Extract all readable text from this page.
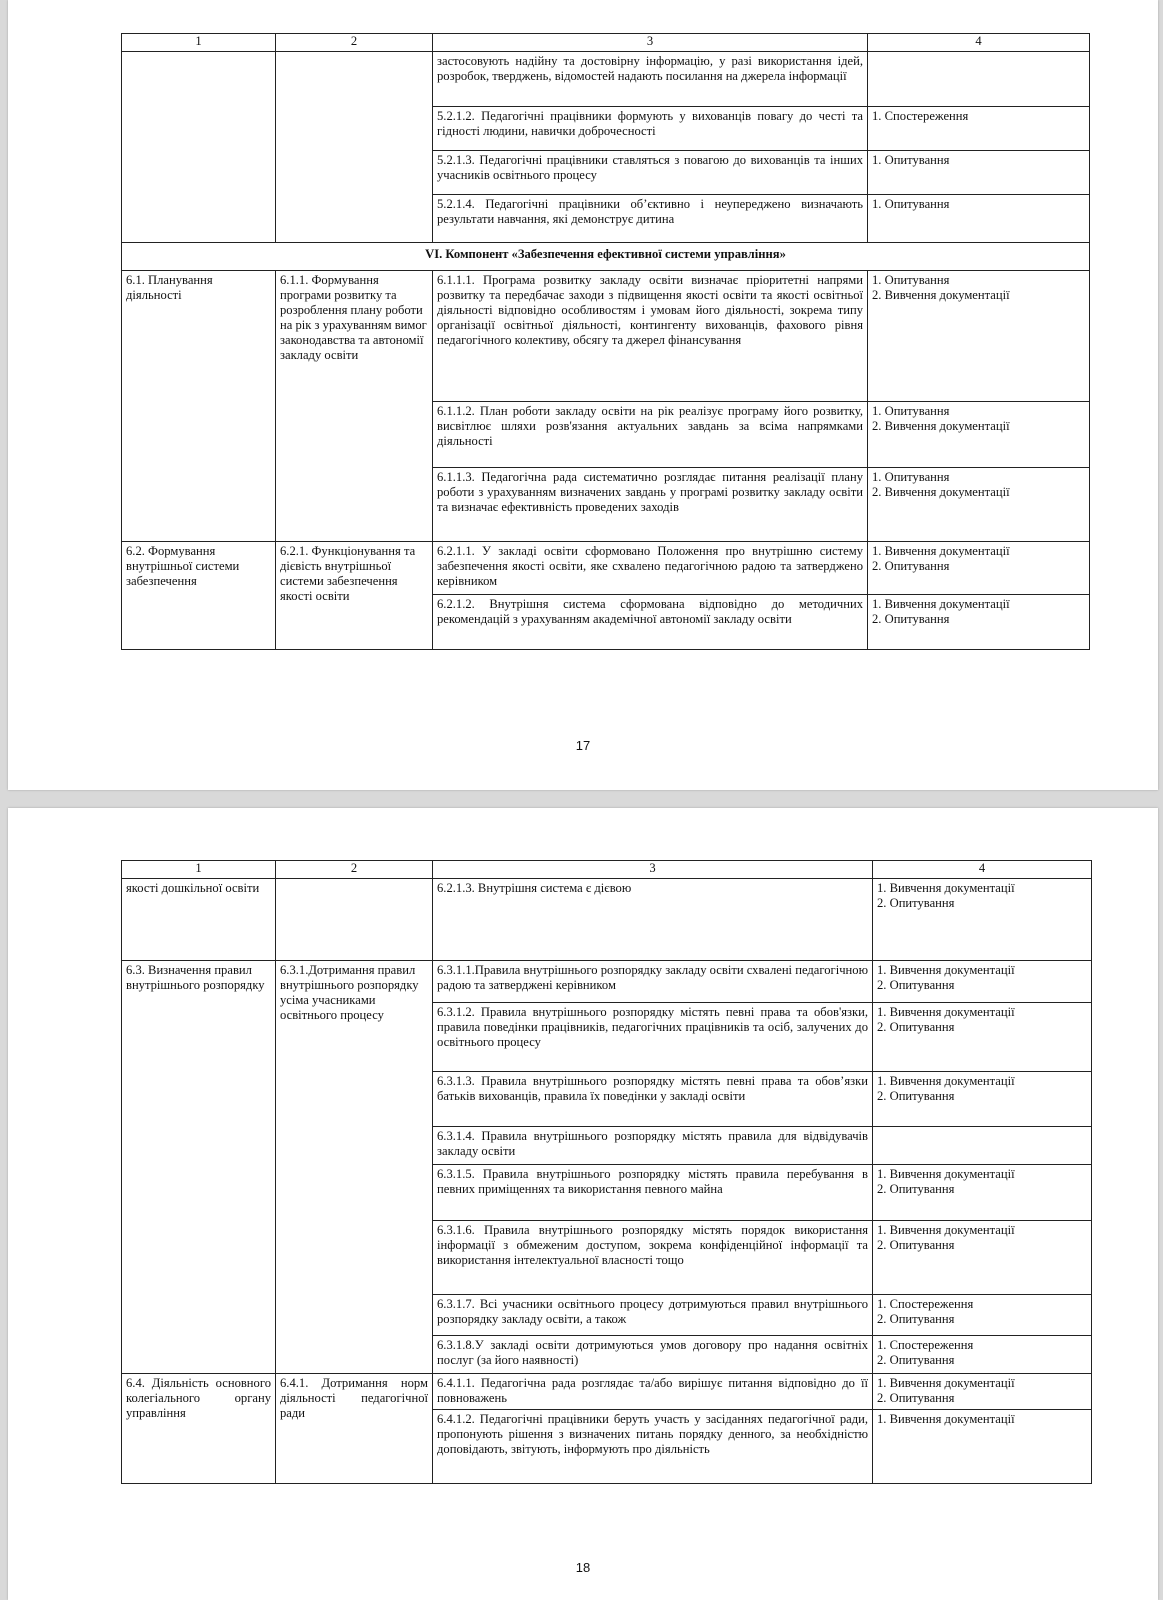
1	2	3	4
		застосовують надійну та достовірну інформацію, у разі використання ідей, розробок, тверджень, відомостей надають посилання на джерела інформації	
		5.2.1.2. Педагогічні працівники формують у вихованців повагу до честі та гідності людини, навички доброчесності	1. Спостереження

		5.2.1.3. Педагогічні працівники ставляться з повагою до вихованців та інших учасників освітнього процесу	1. Опитування

		5.2.1.4. Педагогічні працівники об’єктивно і неупереджено визначають результати навчання, які демонструє дитина	1. Опитування

VI. Компонент «Забезпечення ефективної системи управління»			
6.1. Планування діяльності	6.1.1. Формування програми розвитку та розроблення плану роботи на рік з урахуванням вимог законодавства та автономії закладу освіти	6.1.1.1. Програма розвитку закладу освіти визначає пріоритетні напрями розвитку та передбачає заходи з підвищення якості освіти та якості освітньої діяльності відповідно особливостям і умовам його діяльності, зокрема типу організації освітньої діяльності, контингенту вихованців, фахового рівня педагогічного колективу, обсягу та джерел фінансування	1. Опитування
2. Вивчення документації

		6.1.1.2. План роботи закладу освіти на рік реалізує програму його розвитку, висвітлює шляхи розв'язання актуальних завдань за всіма напрямками діяльності	1. Опитування
2. Вивчення документації

		6.1.1.3. Педагогічна рада систематично розглядає питання реалізації плану роботи з урахуванням визначених завдань у програмі розвитку закладу освіти та визначає ефективність проведених заходів	1. Опитування
2. Вивчення документації

6.2. Формування внутрішньої системи забезпечення	6.2.1. Функціонування та дієвість внутрішньої системи забезпечення якості освіти	6.2.1.1. У закладі освіти сформовано Положення про внутрішню систему забезпечення якості освіти, яке схвалено педагогічною радою та затверджено керівником	1. Вивчення документації
2. Опитування

		6.2.1.2. Внутрішня система сформована відповідно до методичних рекомендацій з урахуванням академічної автономії закладу освіти	1. Вивчення документації
2. Опитування
17
1	2	3	4
якості дошкільної освіти		6.2.1.3. Внутрішня система є дієвою	1. Вивчення документації
2. Опитування

6.3. Визначення правил внутрішнього розпорядку	6.3.1.Дотримання правил внутрішнього розпорядку усіма учасниками освітнього процесу	6.3.1.1.Правила внутрішнього розпорядку закладу освіти схвалені педагогічною радою та затверджені керівником	1. Вивчення документації
2. Опитування

		6.3.1.2. Правила внутрішнього розпорядку містять певні права та обов'язки, правила поведінки працівників, педагогічних працівників та осіб, залучених до освітнього процесу	1. Вивчення документації
2. Опитування

		6.3.1.3. Правила внутрішнього розпорядку містять певні права та обов’язки батьків вихованців, правила їх поведінки у закладі освіти	1. Вивчення документації
2. Опитування

		6.3.1.4. Правила внутрішнього розпорядку містять правила для відвідувачів закладу освіти	
		6.3.1.5. Правила внутрішнього розпорядку містять правила перебування в певних приміщеннях та використання певного майна	1. Вивчення документації
2. Опитування

		6.3.1.6. Правила внутрішнього розпорядку містять порядок використання інформації з обмеженим доступом, зокрема конфіденційної інформації та використання інтелектуальної власності тощо	1. Вивчення документації
2. Опитування

		6.3.1.7. Всі учасники освітнього процесу дотримуються правил внутрішнього розпорядку закладу освіти, а також	1. Спостереження
2. Опитування

		6.3.1.8.У закладі освіти дотримуються умов договору про надання освітніх послуг (за його наявності)	1. Спостереження
2. Опитування

6.4. Діяльність основного колегіального органу управління	6.4.1. Дотримання норм діяльності педагогічної ради	6.4.1.1. Педагогічна рада розглядає та/або вирішує питання відповідно до її повноважень	1. Вивчення документації
2. Опитування

		6.4.1.2. Педагогічні працівники беруть участь у засіданнях педагогічної ради, пропонують рішення з визначених питань порядку денного, за необхідністю доповідають, звітують, інформують про діяльність	1. Вивчення документації
18
